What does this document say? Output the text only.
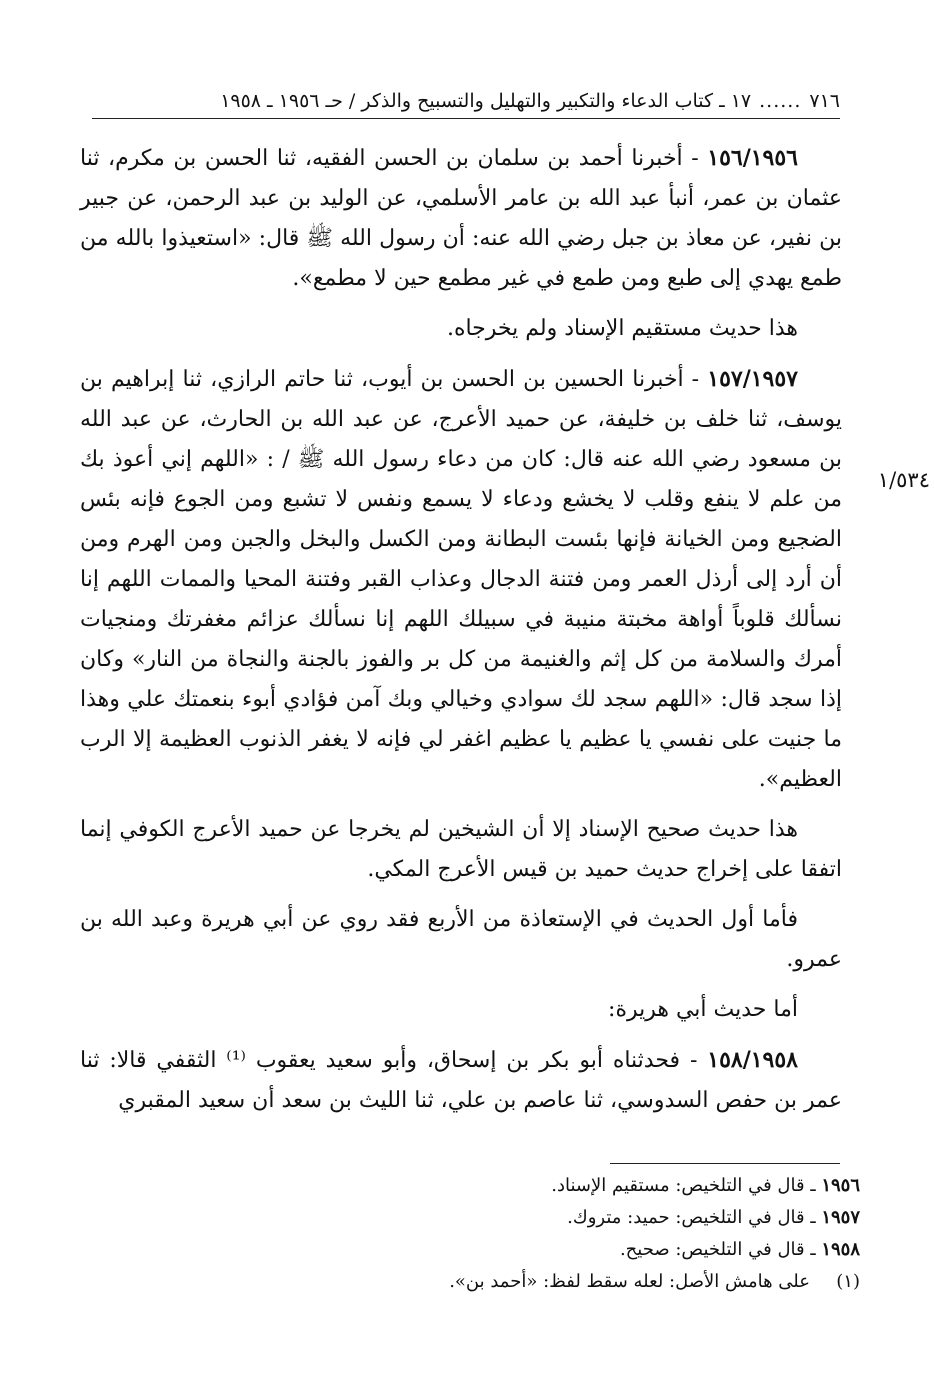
٧١٦
......
١٧ ـ كتاب الدعاء والتكبير والتهليل والتسبيح والذكر / حـ ١٩٥٦ ـ ١٩٥٨
١/٥٣٤

١٥٦/١٩٥٦ - أخبرنا أحمد بن سلمان بن الحسن الفقيه، ثنا الحسن بن مكرم، ثنا عثمان بن عمر، أنبأ عبد الله بن عامر الأسلمي، عن الوليد بن عبد الرحمن، عن جبير بن نفير، عن معاذ بن جبل رضي الله عنه: أن رسول الله ﷺ قال: «استعيذوا بالله من طمع يهدي إلى طبع ومن طمع في غير مطمع حين لا مطمع».

هذا حديث مستقيم الإسناد ولم يخرجاه.

١٥٧/١٩٥٧ - أخبرنا الحسين بن الحسن بن أيوب، ثنا حاتم الرازي، ثنا إبراهيم بن يوسف، ثنا خلف بن خليفة، عن حميد الأعرج، عن عبد الله بن الحارث، عن عبد الله بن مسعود رضي الله عنه قال: كان من دعاء رسول الله ﷺ / : «اللهم إني أعوذ بك من علم لا ينفع وقلب لا يخشع ودعاء لا يسمع ونفس لا تشبع ومن الجوع فإنه بئس الضجيع ومن الخيانة فإنها بئست البطانة ومن الكسل والبخل والجبن ومن الهرم ومن أن أرد إلى أرذل العمر ومن فتنة الدجال وعذاب القبر وفتنة المحيا والممات اللهم إنا نسألك قلوباً أواهة مخبتة منيبة في سبيلك اللهم إنا نسألك عزائم مغفرتك ومنجيات أمرك والسلامة من كل إثم والغنيمة من كل بر والفوز بالجنة والنجاة من النار» وكان إذا سجد قال: «اللهم سجد لك سوادي وخيالي وبك آمن فؤادي أبوء بنعمتك علي وهذا ما جنيت على نفسي يا عظيم يا عظيم اغفر لي فإنه لا يغفر الذنوب العظيمة إلا الرب العظيم».

هذا حديث صحيح الإسناد إلا أن الشيخين لم يخرجا عن حميد الأعرج الكوفي إنما اتفقا على إخراج حديث حميد بن قيس الأعرج المكي.

فأما أول الحديث في الإستعاذة من الأربع فقد روي عن أبي هريرة وعبد الله بن عمرو.

أما حديث أبي هريرة:

١٥٨/١٩٥٨ - فحدثناه أبو بكر بن إسحاق، وأبو سعيد يعقوب ⁽¹⁾ الثقفي قالا: ثنا عمر بن حفص السدوسي، ثنا عاصم بن علي، ثنا الليث بن سعد أن سعيد المقبري

١٩٥٦ ـ قال في التلخيص: مستقيم الإسناد.
١٩٥٧ ـ قال في التلخيص: حميد: متروك.
١٩٥٨ ـ قال في التلخيص: صحيح.
(١)على هامش الأصل: لعله سقط لفظ: «أحمد بن».
